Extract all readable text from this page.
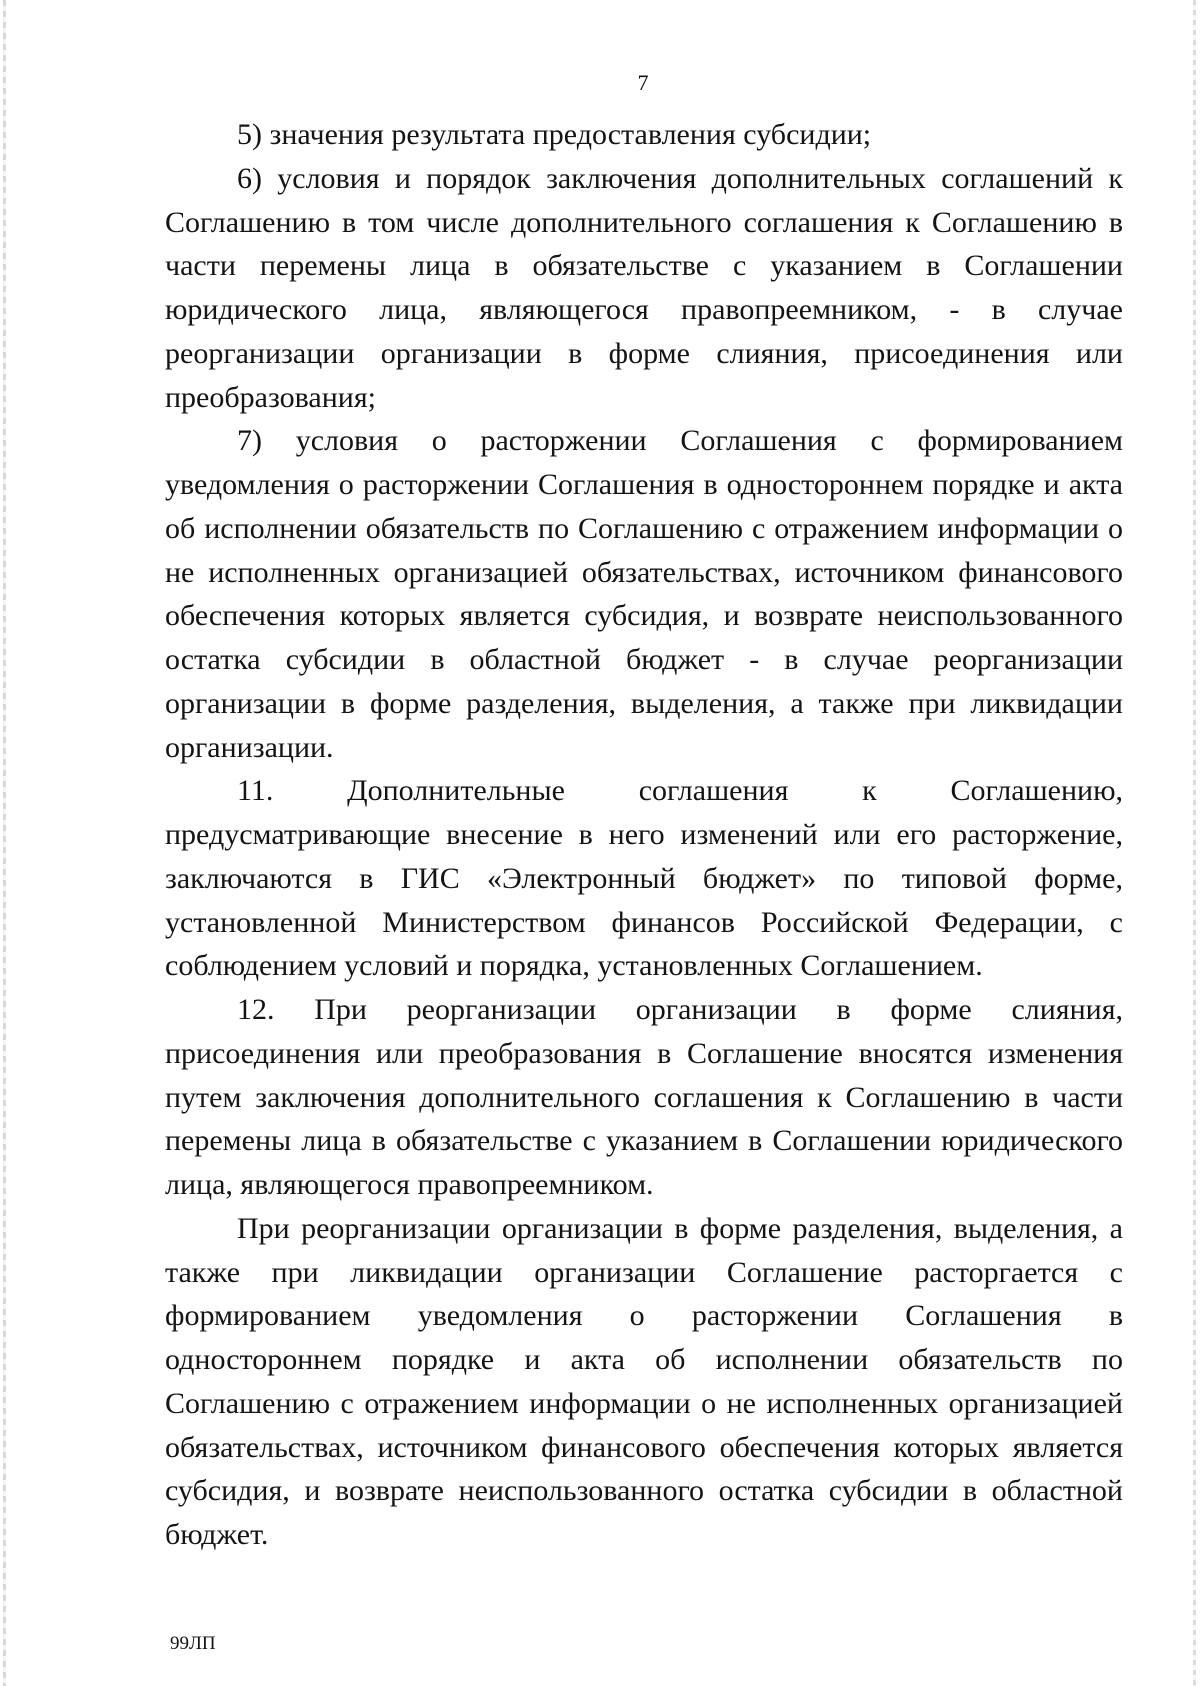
7

5) значения результата предоставления субсидии;

6) условия и порядок заключения дополнительных соглашений к Соглашению в том числе дополнительного соглашения к Соглашению в части перемены лица в обязательстве с указанием в Соглашении юридического лица, являющегося правопреемником, - в случае реорганизации организации в форме слияния, присоединения или преобразования;

7) условия о расторжении Соглашения с формированием уведомления о расторжении Соглашения в одностороннем порядке и акта об исполнении обязательств по Соглашению с отражением информации о не исполненных организацией обязательствах, источником финансового обеспечения которых является субсидия, и возврате неиспользованного остатка субсидии в областной бюджет - в случае реорганизации организации в форме разделения, выделения, а также при ликвидации организации.

11. Дополнительные соглашения к Соглашению, предусматривающие внесение в него изменений или его расторжение, заключаются в ГИС «Электронный бюджет» по типовой форме, установленной Министерством финансов Российской Федерации, с соблюдением условий и порядка, установленных Соглашением.

12. При реорганизации организации в форме слияния, присоединения или преобразования в Соглашение вносятся изменения путем заключения дополнительного соглашения к Соглашению в части перемены лица в обязательстве с указанием в Соглашении юридического лица, являющегося правопреемником.

При реорганизации организации в форме разделения, выделения, а также при ликвидации организации Соглашение расторгается с формированием уведомления о расторжении Соглашения в одностороннем порядке и акта об исполнении обязательств по Соглашению с отражением информации о не исполненных организацией обязательствах, источником финансового обеспечения которых является субсидия, и возврате неиспользованного остатка субсидии в областной бюджет.

99ЛП
